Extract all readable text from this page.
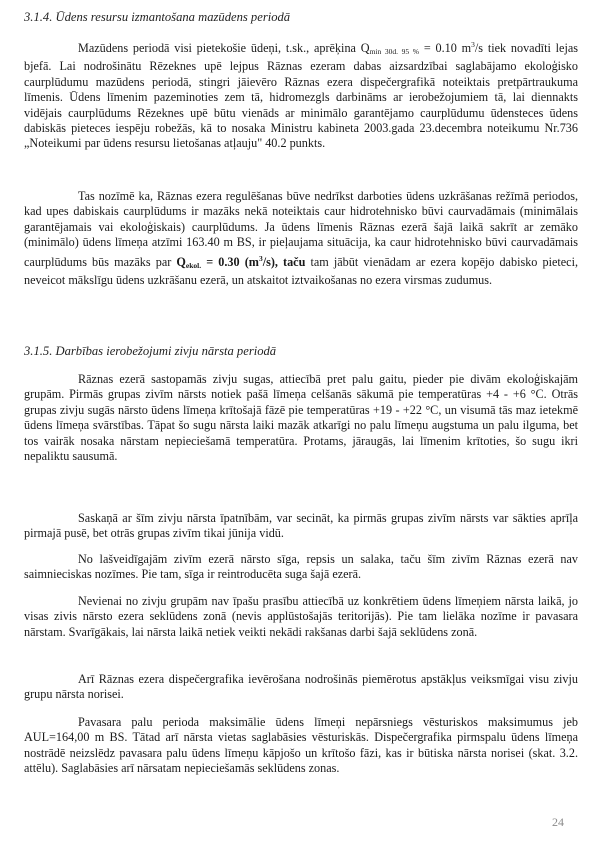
3.1.4. Ūdens resursu izmantošana mazūdens periodā

Mazūdens periodā visi pietekošie ūdeņi, t.sk., aprēķina $Q_{min 30d. 95 \%} = 0.10$ $m^3/s$ tiek novadīti lejas bjefā. Lai nodrošinātu Rēzeknes upē lejpus Rāznas ezeram dabas aizsardzībai saglabājamo ekoloģisko caurplūdumu mazūdens periodā, stingri jāievēro Rāznas ezera dispečergrafikā noteiktais pretpārtraukuma līmenis. Ūdens līmenim pazeminoties zem tā, hidromezgls darbināms ar ierobežojumiem tā, lai diennakts vidējais caurplūdums Rēzeknes upē būtu vienāds ar minimālo garantējamo caurplūdumu ūdensteces ūdens dabiskās pieteces iespēju robežās, kā to nosaka Ministru kabineta 2003.gada 23.decembra noteikumu Nr.736 „Noteikumi par ūdens resursu lietošanas atļauju" 40.2 punkts.

Tas nozīmē ka, Rāznas ezera regulēšanas būve nedrīkst darboties ūdens uzkrāšanas režīmā periodos, kad upes dabiskais caurplūdums ir mazāks nekā noteiktais caur hidrotehnisko būvi caurvadāmais (minimālais garantējamais vai ekoloģiskais) caurplūdums. Ja ūdens līmenis Rāznas ezerā šajā laikā sakrīt ar zemāko (minimālo) ūdens līmeņa atzīmi 163.40 m BS, ir pieļaujama situācija, ka caur hidrotehnisko būvi caurvadāmais caurplūdums būs mazāks par $Q_{ekol.} = 0.30$ $(m^3/s)$, taču tam jābūt vienādam ar ezera kopējo dabisko pieteci, neveicot mākslīgu ūdens uzkrāšanu ezerā, un atskaitot iztvaikošanas no ezera virsmas zudumus.

3.1.5. Darbības ierobežojumi zivju nārsta periodā

Rāznas ezerā sastopamās zivju sugas, attiecībā pret palu gaitu, pieder pie divām ekoloģiskajām grupām. Pirmās grupas zivīm nārsts notiek pašā līmeņa celšanās sākumā pie temperatūras +4 - +6 °C. Otrās grupas zivju sugās nārsto ūdens līmeņa krītošajā fāzē pie temperatūras +19 - +22 °C, un visumā tās maz ietekmē ūdens līmeņa svārstības. Tāpat šo sugu nārsta laiki mazāk atkarīgi no palu līmeņu augstuma un palu ilguma, bet tos vairāk nosaka nārstam nepieciešamā temperatūra. Protams, jāraugās, lai līmenim krītoties, šo sugu ikri nepaliktu sausumā.

Saskaņā ar šīm zivju nārsta īpatnībām, var secināt, ka pirmās grupas zivīm nārsts var sākties aprīļa pirmajā pusē, bet otrās grupas zivīm tikai jūnija vidū.

No lašveidīgajām zivīm ezerā nārsto sīga, repsis un salaka, taču šīm zivīm Rāznas ezerā nav saimnieciskas nozīmes. Pie tam, sīga ir reintroducēta suga šajā ezerā.

Nevienai no zivju grupām nav īpašu prasību attiecībā uz konkrētiem ūdens līmeņiem nārsta laikā, jo visas zivis nārsto ezera seklūdens zonā (nevis applūstošajās teritorijās). Pie tam lielāka nozīme ir pavasara nārstam. Svarīgākais, lai nārsta laikā netiek veikti nekādi rakšanas darbi šajā seklūdens zonā.

Arī Rāznas ezera dispečergrafika ievērošana nodrošinās piemērotus apstākļus veiksmīgai visu zivju grupu nārsta norisei.

Pavasara palu perioda maksimālie ūdens līmeņi nepārsniegs vēsturiskos maksimumus jeb AUL=164,00 m BS. Tātad arī nārsta vietas saglabāsies vēsturiskās. Dispečergrafika pirmspalu ūdens līmeņa nostrādē neizslēdz pavasara palu ūdens līmeņu kāpjošo un krītošo fāzi, kas ir būtiska nārsta norisei (skat. 3.2. attēlu). Saglabāsies arī nārsatam nepieciešamās seklūdens zonas.

24
